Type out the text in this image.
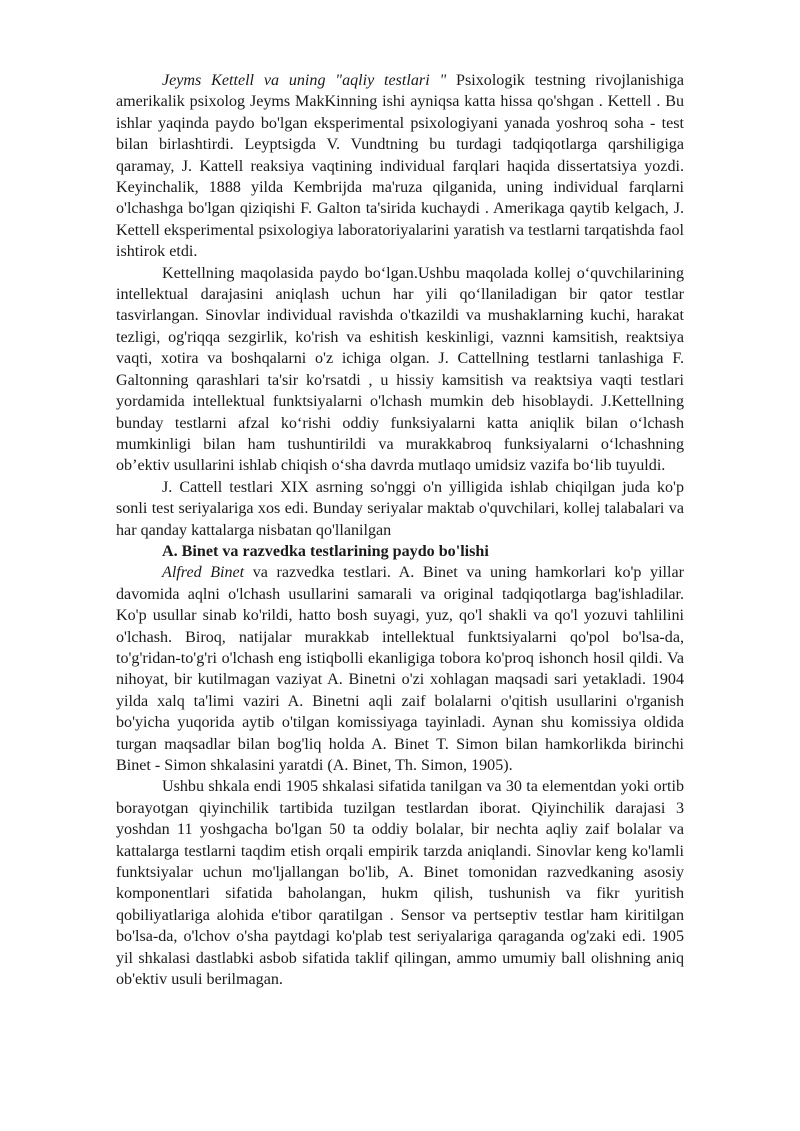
Jeyms Kettell va uning "aqliy testlari " Psixologik testning rivojlanishiga amerikalik psixolog Jeyms MakKinning ishi ayniqsa katta hissa qo'shgan . Kettell . Bu ishlar yaqinda paydo bo'lgan eksperimental psixologiyani yanada yoshroq soha - test bilan birlashtirdi. Leyptsigda V. Vundtning bu turdagi tadqiqotlarga qarshiligiga qaramay, J. Kattell reaksiya vaqtining individual farqlari haqida dissertatsiya yozdi. Keyinchalik, 1888 yilda Kembrijda ma'ruza qilganida, uning individual farqlarni o'lchashga bo'lgan qiziqishi F. Galton ta'sirida kuchaydi . Amerikaga qaytib kelgach, J. Kettell eksperimental psixologiya laboratoriyalarini yaratish va testlarni tarqatishda faol ishtirok etdi.

Kettellning maqolasida paydo bo‘lgan.Ushbu maqolada kollej o‘quvchilarining intellektual darajasini aniqlash uchun har yili qo‘llaniladigan bir qator testlar tasvirlangan. Sinovlar individual ravishda o'tkazildi va mushaklarning kuchi, harakat tezligi, og'riqqa sezgirlik, ko'rish va eshitish keskinligi, vaznni kamsitish, reaktsiya vaqti, xotira va boshqalarni o'z ichiga olgan. J. Cattellning testlarni tanlashiga F. Galtonning qarashlari ta'sir ko'rsatdi , u hissiy kamsitish va reaktsiya vaqti testlari yordamida intellektual funktsiyalarni o'lchash mumkin deb hisoblaydi. J.Kettellning bunday testlarni afzal ko‘rishi oddiy funksiyalarni katta aniqlik bilan o‘lchash mumkinligi bilan ham tushuntirildi va murakkabroq funksiyalarni o‘lchashning ob’ektiv usullarini ishlab chiqish o‘sha davrda mutlaqo umidsiz vazifa bo‘lib tuyuldi.

J. Cattell testlari XIX asrning so'nggi o'n yilligida ishlab chiqilgan juda ko'p sonli test seriyalariga xos edi. Bunday seriyalar maktab o'quvchilari, kollej talabalari va har qanday kattalarga nisbatan qo'llanilgan

A. Binet va razvedka testlarining paydo bo'lishi

Alfred Binet va razvedka testlari. A. Binet va uning hamkorlari ko'p yillar davomida aqlni o'lchash usullarini samarali va original tadqiqotlarga bag'ishladilar. Ko'p usullar sinab ko'rildi, hatto bosh suyagi, yuz, qo'l shakli va qo'l yozuvi tahlilini o'lchash. Biroq, natijalar murakkab intellektual funktsiyalarni qo'pol bo'lsa-da, to'g'ridan-to'g'ri o'lchash eng istiqbolli ekanligiga tobora ko'proq ishonch hosil qildi. Va nihoyat, bir kutilmagan vaziyat A. Binetni o'zi xohlagan maqsadi sari yetakladi. 1904 yilda xalq ta'limi vaziri A. Binetni aqli zaif bolalarni o'qitish usullarini o'rganish bo'yicha yuqorida aytib o'tilgan komissiyaga tayinladi. Aynan shu komissiya oldida turgan maqsadlar bilan bog'liq holda A. Binet T. Simon bilan hamkorlikda birinchi Binet - Simon shkalasini yaratdi (A. Binet, Th. Simon, 1905).

Ushbu shkala endi 1905 shkalasi sifatida tanilgan va 30 ta elementdan yoki ortib borayotgan qiyinchilik tartibida tuzilgan testlardan iborat. Qiyinchilik darajasi 3 yoshdan 11 yoshgacha bo'lgan 50 ta oddiy bolalar, bir nechta aqliy zaif bolalar va kattalarga testlarni taqdim etish orqali empirik tarzda aniqlandi. Sinovlar keng ko'lamli funktsiyalar uchun mo'ljallangan bo'lib, A. Binet tomonidan razvedkaning asosiy komponentlari sifatida baholangan, hukm qilish, tushunish va fikr yuritish qobiliyatlariga alohida e'tibor qaratilgan . Sensor va pertseptiv testlar ham kiritilgan bo'lsa-da, o'lchov o'sha paytdagi ko'plab test seriyalariga qaraganda og'zaki edi. 1905 yil shkalasi dastlabki asbob sifatida taklif qilingan, ammo umumiy ball olishning aniq ob'ektiv usuli berilmagan.
